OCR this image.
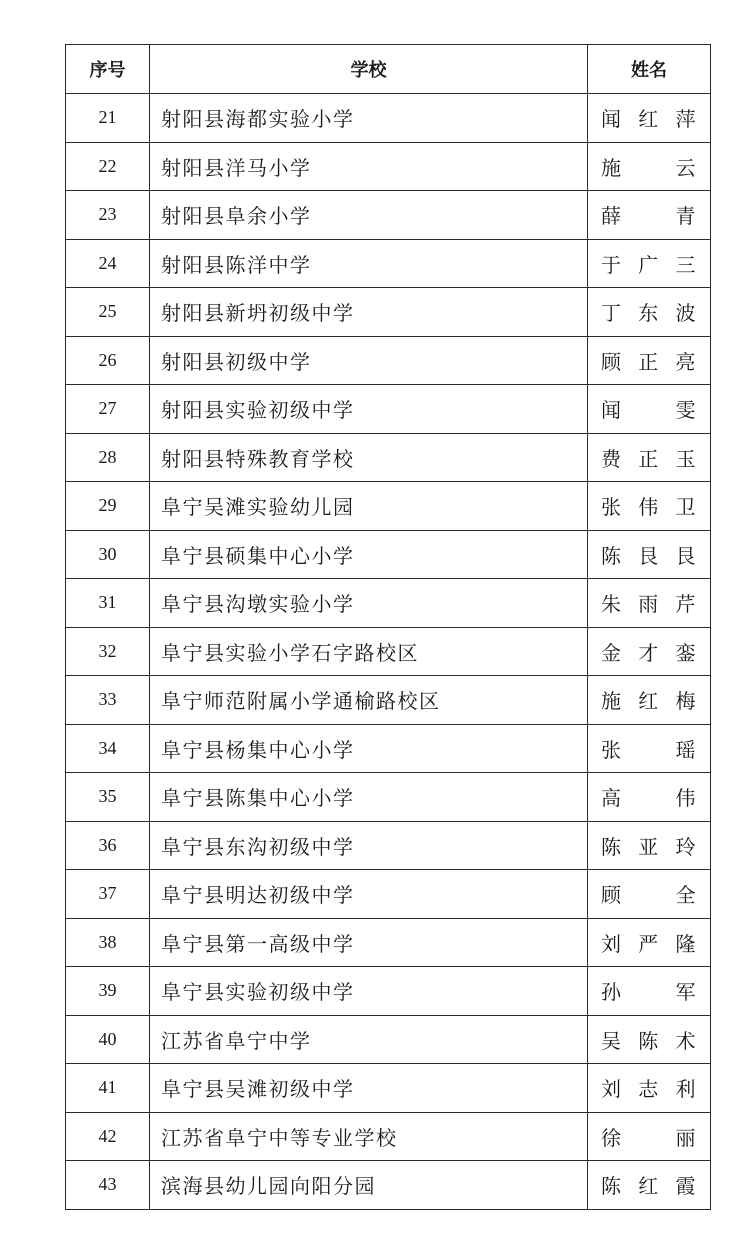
序号	学校	姓名
21	射阳县海都实验小学	闻红萍
22	射阳县洋马小学	施　云
23	射阳县阜余小学	薛　青
24	射阳县陈洋中学	于广三
25	射阳县新坍初级中学	丁东波
26	射阳县初级中学	顾正亮
27	射阳县实验初级中学	闻　雯
28	射阳县特殊教育学校	费正玉
29	阜宁吴滩实验幼儿园	张伟卫
30	阜宁县硕集中心小学	陈艮艮
31	阜宁县沟墩实验小学	朱雨芹
32	阜宁县实验小学石字路校区	金才銮
33	阜宁师范附属小学通榆路校区	施红梅
34	阜宁县杨集中心小学	张　瑶
35	阜宁县陈集中心小学	高　伟
36	阜宁县东沟初级中学	陈亚玲
37	阜宁县明达初级中学	顾　全
38	阜宁县第一高级中学	刘严隆
39	阜宁县实验初级中学	孙　军
40	江苏省阜宁中学	吴陈术
41	阜宁县吴滩初级中学	刘志利
42	江苏省阜宁中等专业学校	徐　丽
43	滨海县幼儿园向阳分园	陈红霞
